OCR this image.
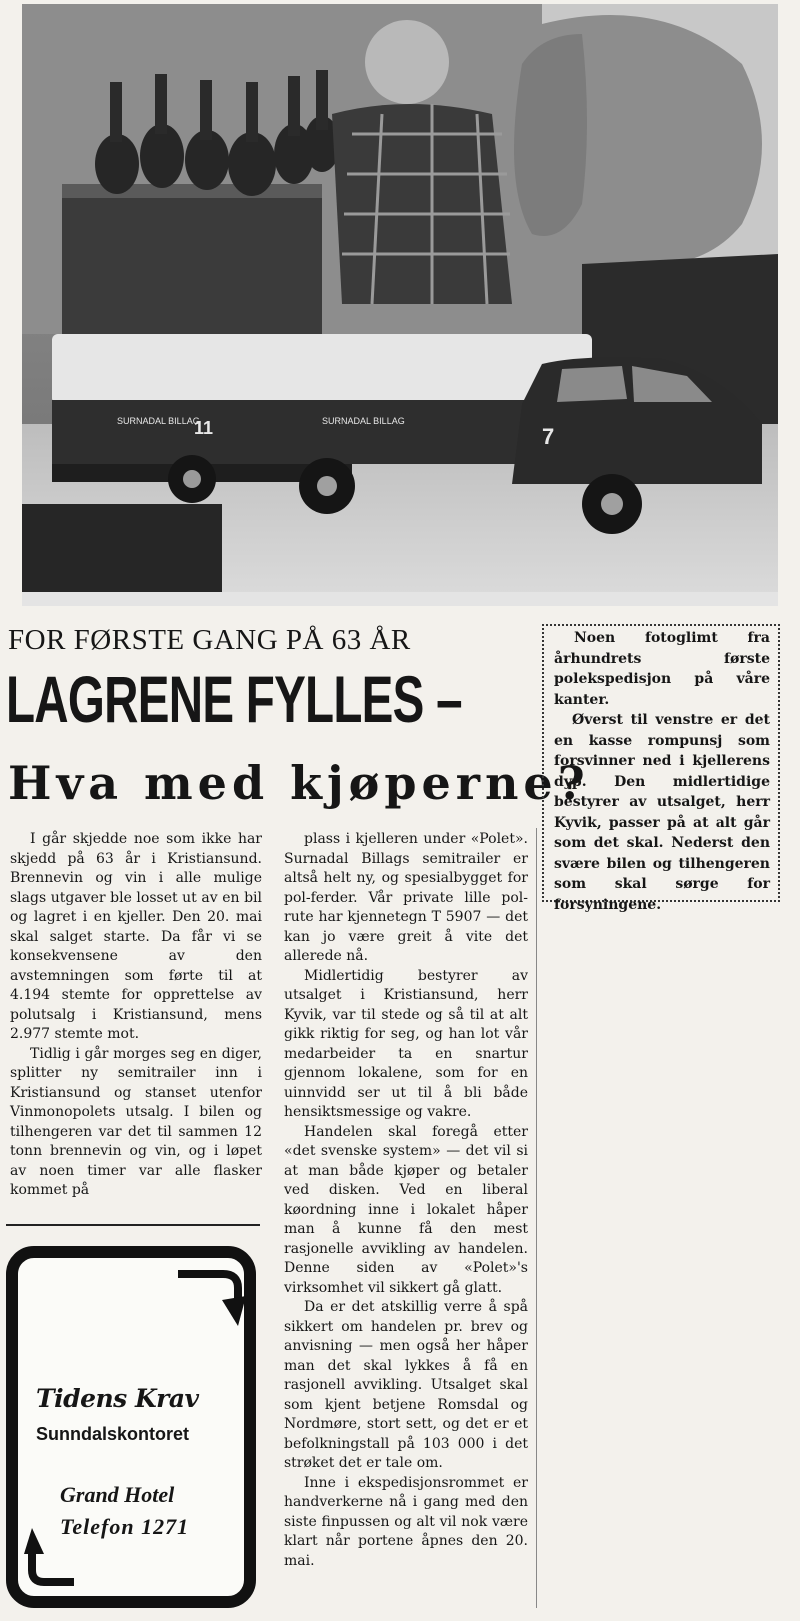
SURNADAL BILLAG
11	SURNADAL BILLAG
7
FOR FØRSTE GANG PÅ 63 ÅR
LAGRENE FYLLES –
Hva med kjøperne?

Noen fotoglimt fra århundrets første polekspedisjon på våre kanter.

Øverst til venstre er det en kasse rompunsj som forsvinner ned i kjellerens dyp. Den midlertidige bestyrer av utsalget, herr Kyvik, passer på at alt går som det skal. Nederst den svære bilen og tilhengeren som skal sørge for forsyningene.

I går skjedde noe som ikke har skjedd på 63 år i Kristiansund. Brennevin og vin i alle mulige slags utgaver ble losset ut av en bil og lagret i en kjeller. Den 20. mai skal salget starte. Da får vi se konsekvensene av den avstemningen som førte til at 4.194 stemte for opprettelse av polutsalg i Kristiansund, mens 2.977 stemte mot.

Tidlig i går morges seg en diger, splitter ny semitrailer inn i Kristiansund og stanset utenfor Vinmonopolets utsalg. I bilen og tilhengeren var det til sammen 12 tonn brennevin og vin, og i løpet av noen timer var alle flasker kommet på

plass i kjelleren under «Polet». Surnadal Billags semitrailer er altså helt ny, og spesialbygget for pol-ferder. Vår private lille pol-rute har kjennetegn T 5907 — det kan jo være greit å vite det allerede nå.

Midlertidig bestyrer av utsalget i Kristiansund, herr Kyvik, var til stede og så til at alt gikk riktig for seg, og han lot vår medarbeider ta en snartur gjennom lokalene, som for en uinnvidd ser ut til å bli både hensiktsmessige og vakre.

Handelen skal foregå etter «det svenske system» — det vil si at man både kjøper og betaler ved disken. Ved en liberal køordning inne i lokalet håper man å kunne få den mest rasjonelle avvikling av handelen. Denne siden av «Polet»'s virksomhet vil sikkert gå glatt.

Da er det atskillig verre å spå sikkert om handelen pr. brev og anvisning — men også her håper man det skal lykkes å få en rasjonell avvikling. Utsalget skal som kjent betjene Romsdal og Nordmøre, stort sett, og det er et befolkningstall på 103 000 i det strøket det er tale om.

Inne i ekspedisjonsrommet er handverkerne nå i gang med den siste finpussen og alt vil nok være klart når portene åpnes den 20. mai.

Tidens Krav
Sunndalskontoret
Grand Hotel
Telefon 1271
